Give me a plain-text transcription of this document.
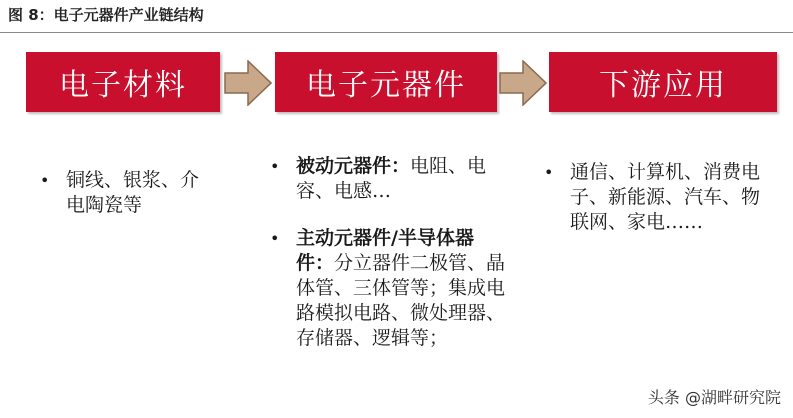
图 8：电子元器件产业链结构
电子材料	电子元器件	下游应用
• 铜线、银浆、介电陶瓷等
• 被动元器件：电阻、电容、电感…
• 主动元器件/半导体器件：分立器件二极管、晶体管、三体管等；集成电路模拟电路、微处理器、存储器、逻辑等；
• 通信、计算机、消费电子、新能源、汽车、物联网、家电……
头条 @湖畔研究院
